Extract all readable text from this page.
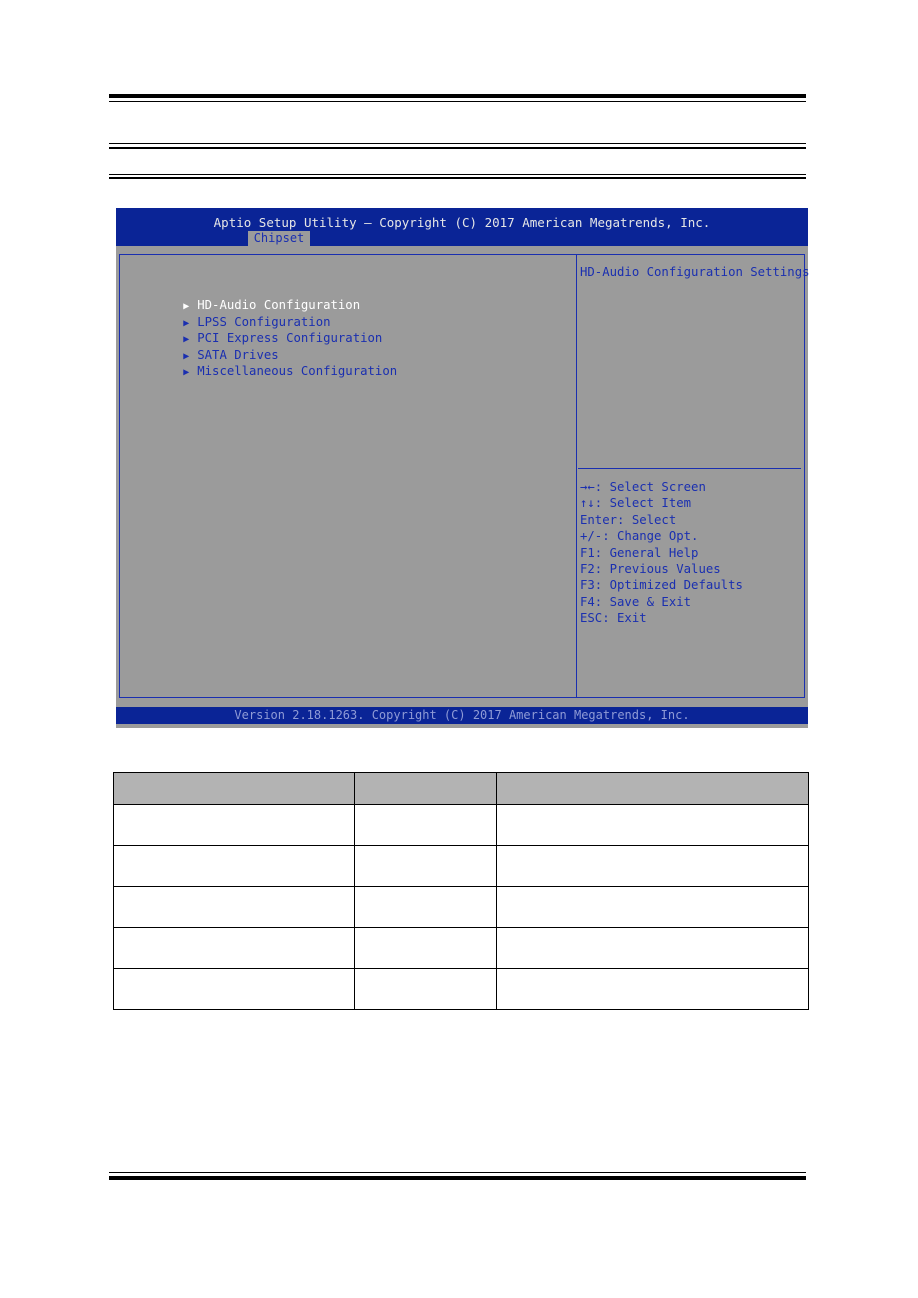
Aptio Setup Utility – Copyright (C) 2017 American Megatrends, Inc.
Chipset

▶ HD-Audio Configuration

▶ LPSS Configuration

▶ PCI Express Configuration

▶ SATA Drives

▶ Miscellaneous Configuration

HD-Audio Configuration Settings
→←: Select Screen
↑↓: Select Item
Enter: Select
+/-: Change Opt.
F1: General Help
F2: Previous Values
F3: Optimized Defaults
F4: Save & Exit
ESC: Exit
Version 2.18.1263. Copyright (C) 2017 American Megatrends, Inc.
